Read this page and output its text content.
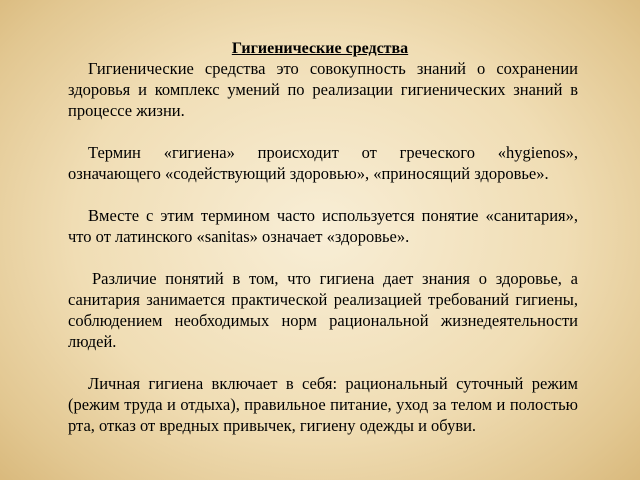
Гигиенические средства

Гигиенические средства это совокупность знаний о сохранении здоровья и комплекс умений по реализации гигиенических знаний в процессе жизни.

Термин «гигиена» происходит от греческого «hygienos», означающего «содействующий здоровью», «приносящий здоровье».

Вместе с этим термином часто используется понятие «санитария», что от латинского «sanitas» означает «здоровье».

Различие понятий в том, что гигиена дает знания о здоровье, а санитария занимается практической реализацией требований гигиены, соблюдением необходимых норм рациональной жизнедеятельности людей.

Личная гигиена включает в себя: рациональный суточный режим (режим труда и отдыха), правильное питание, уход за телом и полостью рта, отказ от вредных привычек, гигиену одежды и обуви.
